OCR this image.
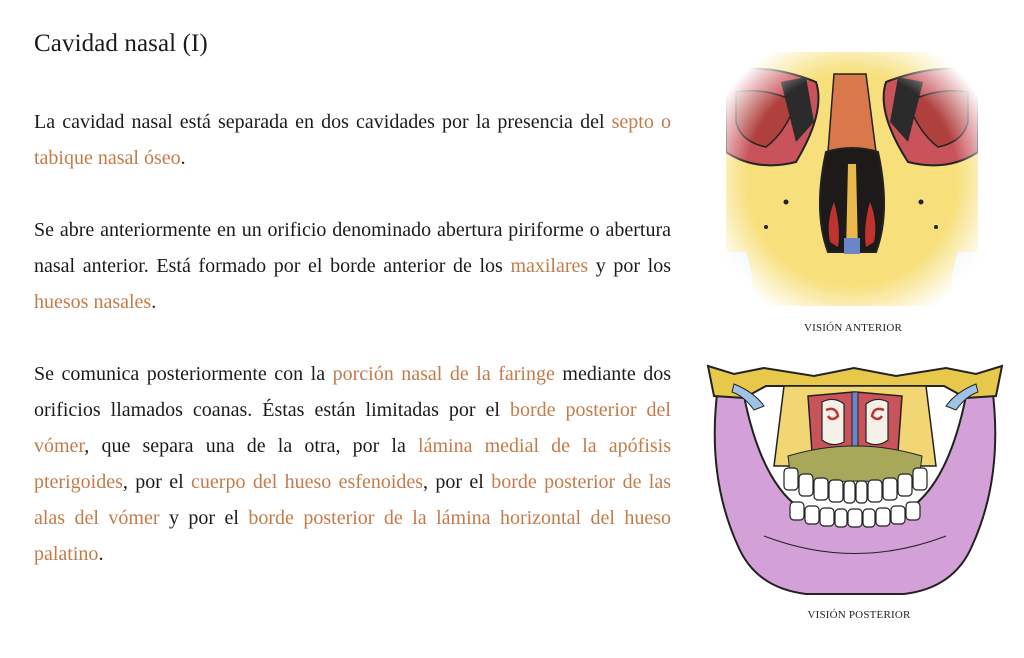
Cavidad nasal (I)

La cavidad nasal está separada en dos cavidades por la presencia del septo o tabique nasal óseo.

Se abre anteriormente en un orificio denominado abertura piriforme o abertura nasal anterior. Está formado por el borde anterior de los maxilares y por los huesos nasales.

Se comunica posteriormente con la porción nasal de la faringe mediante dos orificios llamados coanas. Éstas están limitadas por el borde posterior del vómer, que separa una de la otra, por la lámina medial de la apófisis pterigoides, por el cuerpo del hueso esfenoides, por el borde posterior de las alas del vómer y por el borde posterior de la lámina horizontal del hueso palatino.

VISIÓN ANTERIOR
VISIÓN POSTERIOR
